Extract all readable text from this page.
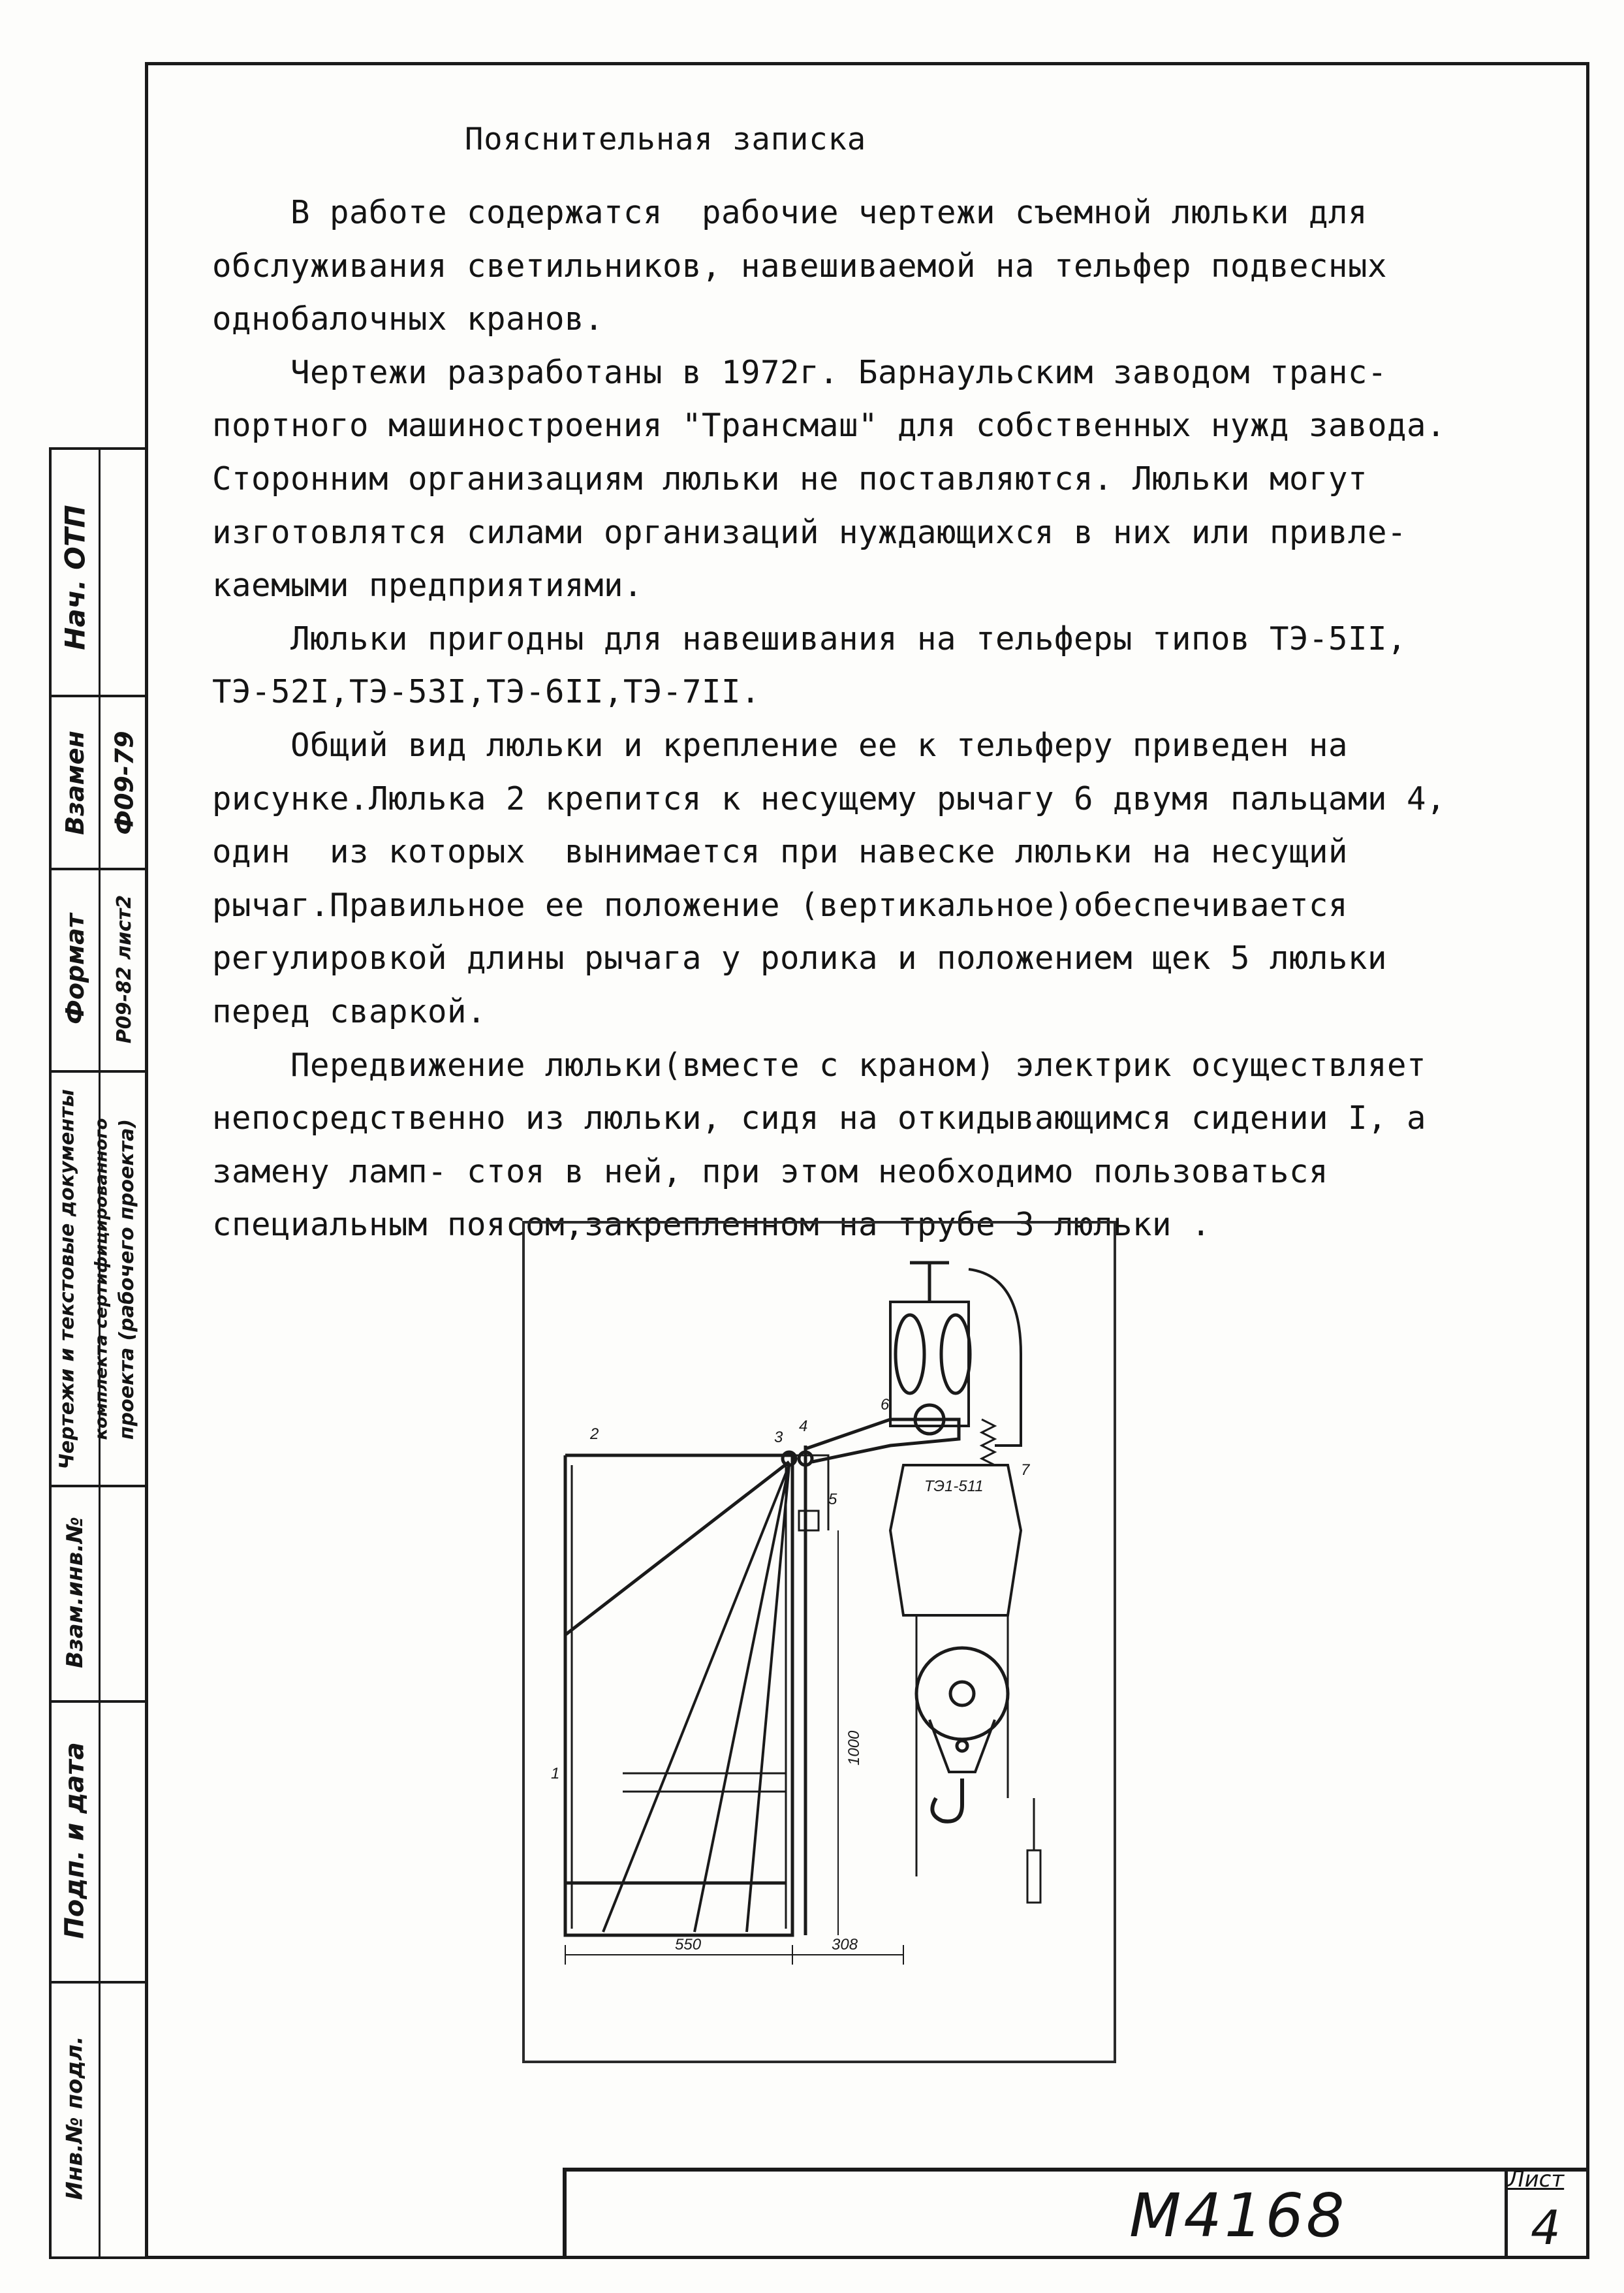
Пояснительная записка

В работе содержатся  рабочие чертежи съемной люльки для

обслуживания светильников, навешиваемой на тельфер подвесных

однобалочных кранов.

Чертежи разработаны в 1972г. Барнаульским заводом транс-

портного машиностроения "Трансмаш" для собственных нужд завода.

Сторонним организациям люльки не поставляются. Люльки могут

изготовлятся силами организаций нуждающихся в них или привле-

каемыми предприятиями.

Люльки пригодны для навешивания на тельферы типов ТЭ-5II,

ТЭ-52I,ТЭ-53I,ТЭ-6II,ТЭ-7II.

Общий вид люльки и крепление ее к тельферу приведен на

рисунке.Люлька 2 крепится к несущему рычагу 6 двумя пальцами 4,

один  из которых  вынимается при навеске люльки на несущий

рычаг.Правильное ее положение (вертикальное)обеспечивается

регулировкой длины рычага у ролика и положением щек 5 люльки

перед сваркой.

Передвижение люльки(вместе с краном) электрик осуществляет

непосредственно из люльки, сидя на откидывающимся сидении I, а

замену ламп- стоя в ней, при этом необходимо пользоваться

специальным поясом,закрепленном на трубе 3 люльки .

Нач. ОТП
Взамен Ф09-79
Формат Р09-82 лист2
Чертежи и текстовые документы комплекта сертифицированного проекта (рабочего проекта)
Взам.инв.№
Подп. и дата
Инв.№ подл.
1
2	3
4
5
6
7
ТЭ1-511
1000
550	308
М4168
Лист
4
